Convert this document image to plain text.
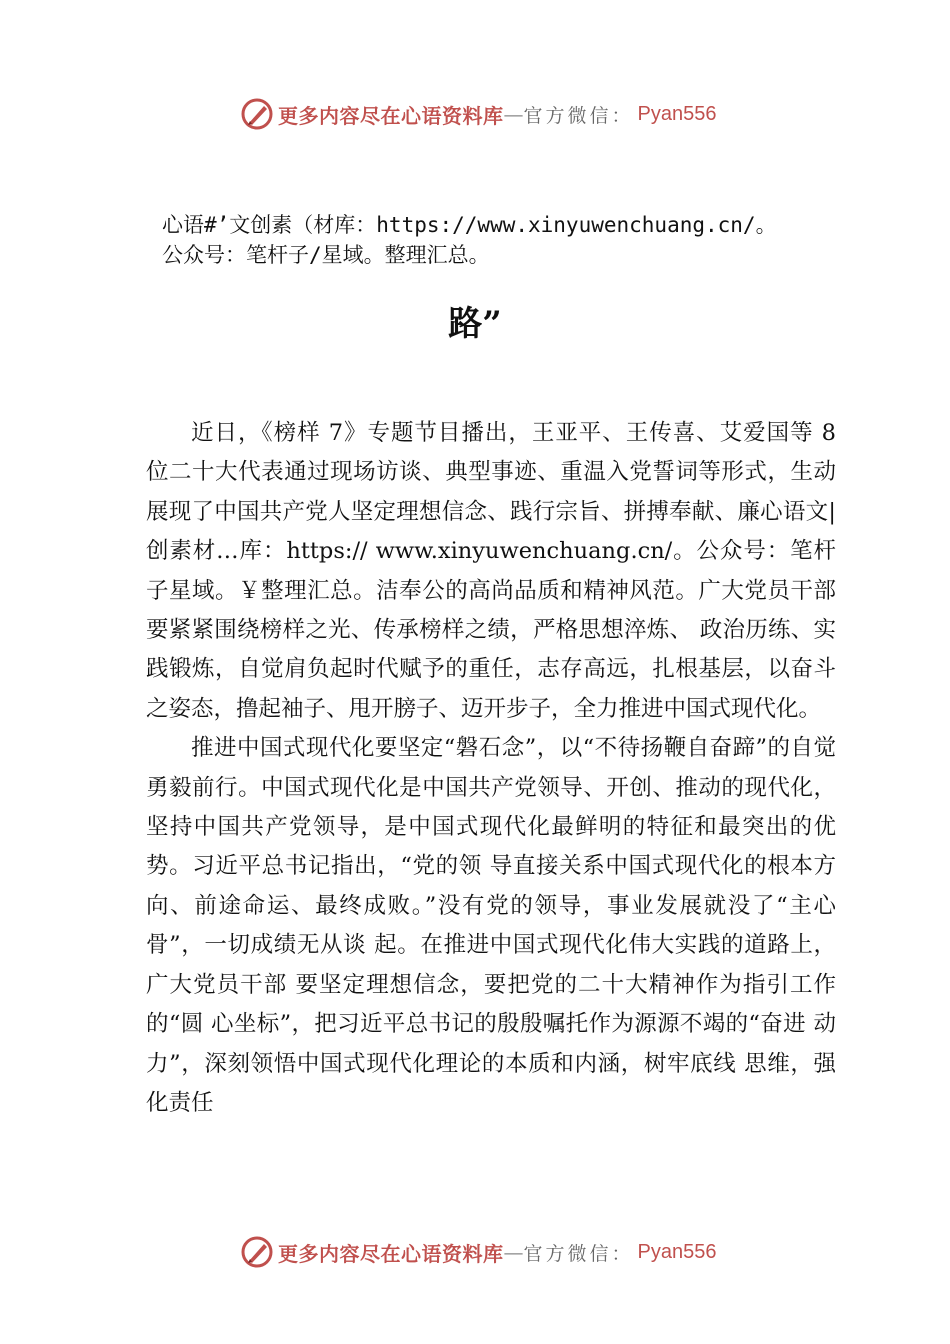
更多内容尽在心语资料库 — 官方微信： Pyan556
心语#’文创素（材库：https://www.xinyuwenchuang.cn/。
公众号：笔杆子/星域。整理汇总。
路”

近日，《榜样 7》专题节目播出，王亚平、王传喜、艾爱国等 8 位二十大代表通过现场访谈、典型事迹、重温入党誓词等形式，生动展现了中国共产党人坚定理想信念、践行宗旨、拼搏奉献、廉心语文|创素材…库：https:// www.xinyuwenchuang.cn/。公众号：笔杆子星域。￥整理汇总。洁奉公的高尚品质和精神风范。广大党员干部要紧紧围绕榜样之光、传承榜样之绩，严格思想淬炼、 政治历练、实践锻炼，自觉肩负起时代赋予的重任，志存高远，扎根基层，以奋斗之姿态，撸起袖子、甩开膀子、迈开步子，全力推进中国式现代化。

推进中国式现代化要坚定“磐石念”，以“不待扬鞭自奋蹄”的自觉勇毅前行。中国式现代化是中国共产党领导、开创、推动的现代化，坚持中国共产党领导，是中国式现代化最鲜明的特征和最突出的优势。习近平总书记指出，“党的领 导直接关系中国式现代化的根本方向、前途命运、最终成败。”没有党的领导，事业发展就没了“主心骨”，一切成绩无从谈 起。在推进中国式现代化伟大实践的道路上，广大党员干部 要坚定理想信念，要把党的二十大精神作为指引工作的“圆 心坐标”，把习近平总书记的殷殷嘱托作为源源不竭的“奋进 动力”，深刻领悟中国式现代化理论的本质和内涵，树牢底线 思维，强化责任

更多内容尽在心语资料库 — 官方微信： Pyan556
